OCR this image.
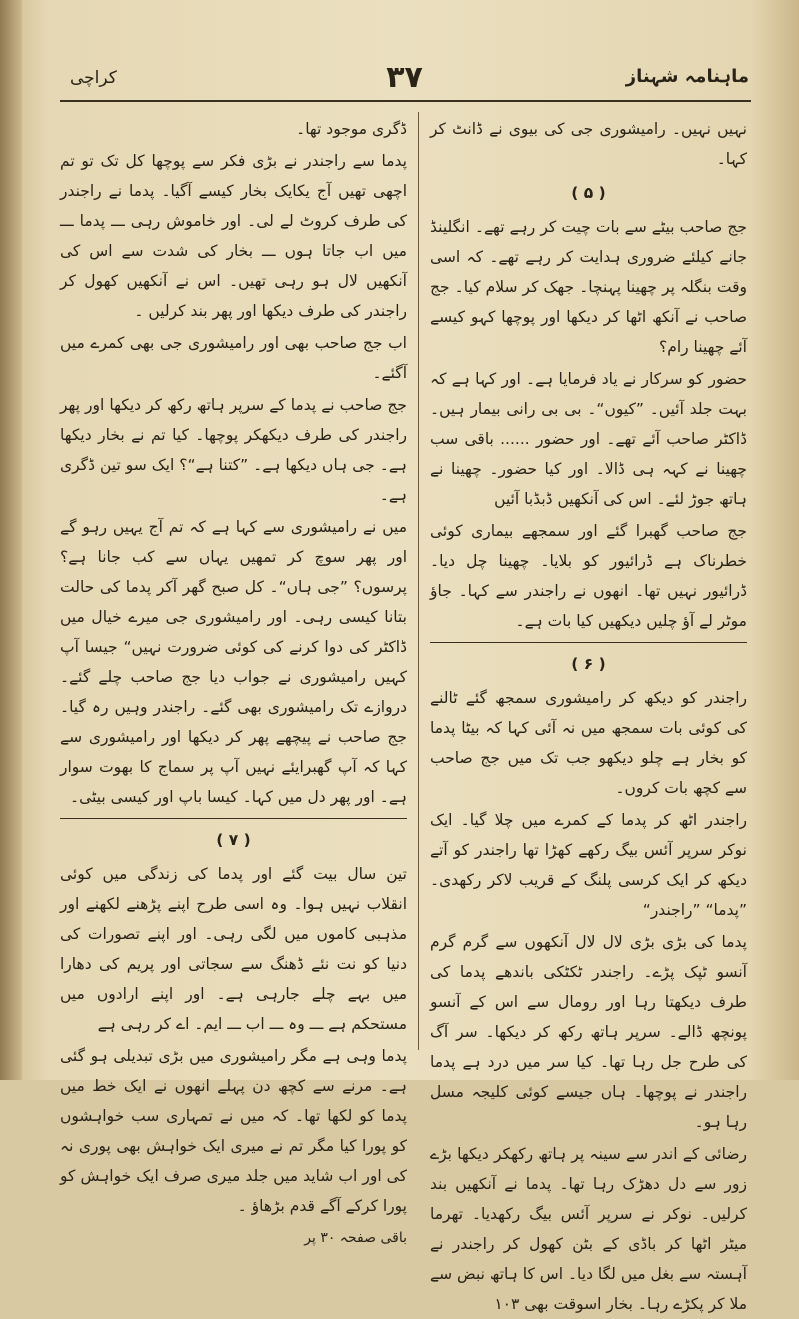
کراچی	۳۷	ماہنامہ شہناز

نہیں نہیں۔ رامیشوری جی کی بیوی نے ڈانٹ کر کہا۔

( ۵ )

جج صاحب بیٹے سے بات چیت کر رہے تھے۔ انگلینڈ جانے کیلئے ضروری ہدایت کر رہے تھے۔ کہ اسی وقت بنگلہ پر چھینا پہنچا۔ جھک کر سلام کیا۔ جج صاحب نے آنکھ اٹھا کر دیکھا اور پوچھا کہو کیسے آئے چھینا رام؟

حضور کو سرکار نے یاد فرمایا ہے۔ اور کہا ہے کہ بہت جلد آئیں۔ ”کیوں“۔ بی بی رانی بیمار ہیں۔ ڈاکٹر صاحب آئے تھے۔ اور حضور ...... باقی سب چھینا نے کہہ ہی ڈالا۔ اور کیا حضور۔ چھینا نے ہاتھ جوڑ لئے۔ اس کی آنکھیں ڈبڈبا آئیں

جج صاحب گھبرا گئے اور سمجھے بیماری کوئی خطرناک ہے ڈرائیور کو بلایا۔ چھینا چل دیا۔ ڈرائیور نہیں تھا۔ انھوں نے راجندر سے کہا۔ جاؤ موٹر لے آؤ چلیں دیکھیں کیا بات ہے۔

( ۶ )

راجندر کو دیکھ کر رامیشوری سمجھ گئے ٹالنے کی کوئی بات سمجھ میں نہ آئی کہا کہ بیٹا پدما کو بخار ہے چلو دیکھو جب تک میں جج صاحب سے کچھ بات کروں۔

راجندر اٹھ کر پدما کے کمرے میں چلا گیا۔ ایک نوکر سرپر آئس بیگ رکھے کھڑا تھا راجندر کو آتے دیکھ کر ایک کرسی پلنگ کے قریب لاکر رکھدی۔ ”پدما“ ”راجندر“

پدما کی بڑی بڑی لال لال آنکھوں سے گرم گرم آنسو ٹپک پڑے۔ راجندر ٹکٹکی باندھے پدما کی طرف دیکھتا رہا اور رومال سے اس کے آنسو پونچھ ڈالے۔ سرپر ہاتھ رکھ کر دیکھا۔ سر آگ کی طرح جل رہا تھا۔ کیا سر میں درد ہے پدما راجندر نے پوچھا۔ ہاں جیسے کوئی کلیجہ مسل رہا ہو۔

رضائی کے اندر سے سینہ پر ہاتھ رکھکر دیکھا بڑے زور سے دل دھڑک رہا تھا۔ پدما نے آنکھیں بند کرلیں۔ نوکر نے سرپر آئس بیگ رکھدیا۔ تھرما میٹر اٹھا کر باڈی کے بٹن کھول کر راجندر نے آہستہ سے بغل میں لگا دیا۔ اس کا ہاتھ نبض سے ملا کر پکڑے رہا۔ بخار اسوقت بھی ۱۰۳

ڈگری موجود تھا۔

پدما سے راجندر نے بڑی فکر سے پوچھا کل تک تو تم اچھی تھیں آج یکایک بخار کیسے آگیا۔ پدما نے راجندر کی طرف کروٹ لے لی۔ اور خاموش رہی ـــ پدما ـــ میں اب جاتا ہوں ـــ بخار کی شدت سے اس کی آنکھیں لال ہو رہی تھیں۔ اس نے آنکھیں کھول کر راجندر کی طرف دیکھا اور پھر بند کرلیں ۔

اب جج صاحب بھی اور رامیشوری جی بھی کمرے میں آگئے۔

جج صاحب نے پدما کے سرپر ہاتھ رکھ کر دیکھا اور پھر راجندر کی طرف دیکھکر پوچھا۔ کیا تم نے بخار دیکھا ہے۔ جی ہاں دیکھا ہے۔ ”کتنا ہے“؟ ایک سو تین ڈگری ہے۔

میں نے رامیشوری سے کہا ہے کہ تم آج یہیں رہو گے اور پھر سوچ کر تمھیں یہاں سے کب جانا ہے؟ پرسوں؟ ”جی ہاں“۔ کل صبح گھر آکر پدما کی حالت بتانا کیسی رہی۔ اور رامیشوری جی میرے خیال میں ڈاکٹر کی دوا کرنے کی کوئی ضرورت نہیں“ جیسا آپ کہیں رامیشوری نے جواب دیا جج صاحب چلے گئے۔ دروازے تک رامیشوری بھی گئے۔ راجندر وہیں رہ گیا۔ جج صاحب نے پیچھے پھر کر دیکھا اور رامیشوری سے کہا کہ آپ گھبرایئے نہیں آپ پر سماج کا بھوت سوار ہے۔ اور پھر دل میں کہا۔ کیسا باپ اور کیسی بیٹی۔

( ۷ )

تین سال بیت گئے اور پدما کی زندگی میں کوئی انقلاب نہیں ہوا۔ وہ اسی طرح اپنے پڑھنے لکھنے اور مذہبی کاموں میں لگی رہی۔ اور اپنے تصورات کی دنیا کو نت نئے ڈھنگ سے سجاتی اور پریم کی دھارا میں بہے چلے جارہی ہے۔ اور اپنے ارادوں میں مستحکم ہے ـــ وہ ـــ اب ـــ ایم۔ اے کر رہی ہے

پدما وہی ہے مگر رامیشوری میں بڑی تبدیلی ہو گئی ہے۔ مرنے سے کچھ دن پہلے انھوں نے ایک خط میں پدما کو لکھا تھا۔ کہ میں نے تمہاری سب خواہشوں کو پورا کیا مگر تم نے میری ایک خواہش بھی پوری نہ کی اور اب شاید میں جلد میری صرف ایک خواہش کو پورا کرکے آگے قدم بڑھاؤ ۔

باقی صفحہ ۳۰ پر
